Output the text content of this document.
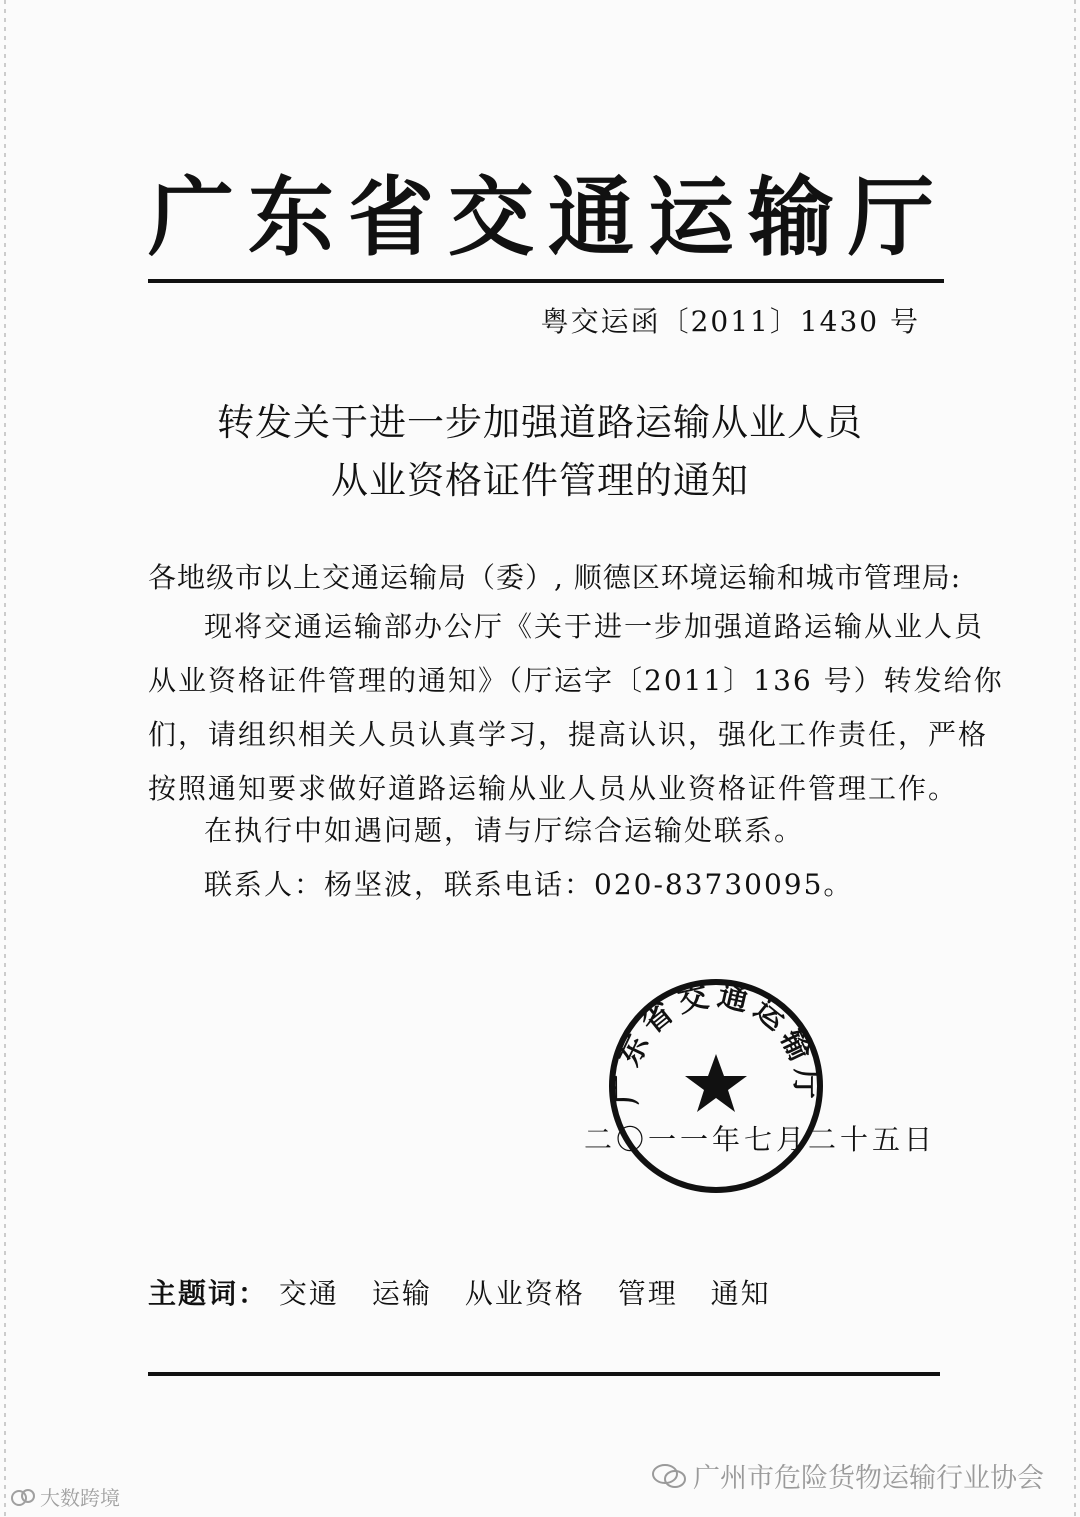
广东省交通运输厅
粤交运函〔2011〕1430 号
转发关于进一步加强道路运输从业人员
从业资格证件管理的通知
各地级市以上交通运输局（委）, 顺德区环境运输和城市管理局:
现将交通运输部办公厅《关于进一步加强道路运输从业人员
从业资格证件管理的通知》（厅运字〔2011〕136 号）转发给你
们，请组织相关人员认真学习，提高认识，强化工作责任，严格
按照通知要求做好道路运输从业人员从业资格证件管理工作。
在执行中如遇问题，请与厅综合运输处联系。
联系人：杨坚波，联系电话：020-83730095。
二〇一一年七月二十五日
广东省交通运输厅
主题词： 交通 运输 从业资格 管理 通知
广州市危险货物运输行业协会
大数跨境
